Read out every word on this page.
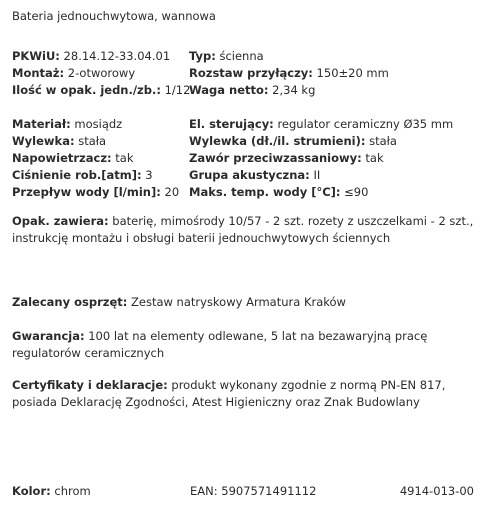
Bateria jednouchwytowa, wannowa
PKWiU: 28.14.12-33.04.01
Montaż: 2-otworowy
Ilość w opak. jedn./zb.: 1/12
Typ: ścienna
Rozstaw przyłączy: 150±20 mm
Waga netto: 2,34 kg
Materiał: mosiądz
Wylewka: stała
Napowietrzacz: tak
Ciśnienie rob.[atm]: 3
Przepływ wody [l/min]: 20
El. sterujący: regulator ceramiczny Ø35 mm
Wylewka (dł./il. strumieni): stała
Zawór przeciwzassaniowy: tak
Grupa akustyczna: II
Maks. temp. wody [°C]: ≤90
Opak. zawiera: baterię, mimośrody 10/57 - 2 szt. rozety z uszczelkami - 2 szt., instrukcję montażu i obsługi baterii jednouchwytowych ściennych
Zalecany osprzęt: Zestaw natryskowy Armatura Kraków
Gwarancja: 100 lat na elementy odlewane, 5 lat na bezawaryjną pracę regulatorów ceramicznych
Certyfikaty i deklaracje: produkt wykonany zgodnie z normą PN-EN 817, posiada Deklarację Zgodności, Atest Higieniczny oraz Znak Budowlany
Kolor: chrom	EAN: 5907571491112	4914-013-00
